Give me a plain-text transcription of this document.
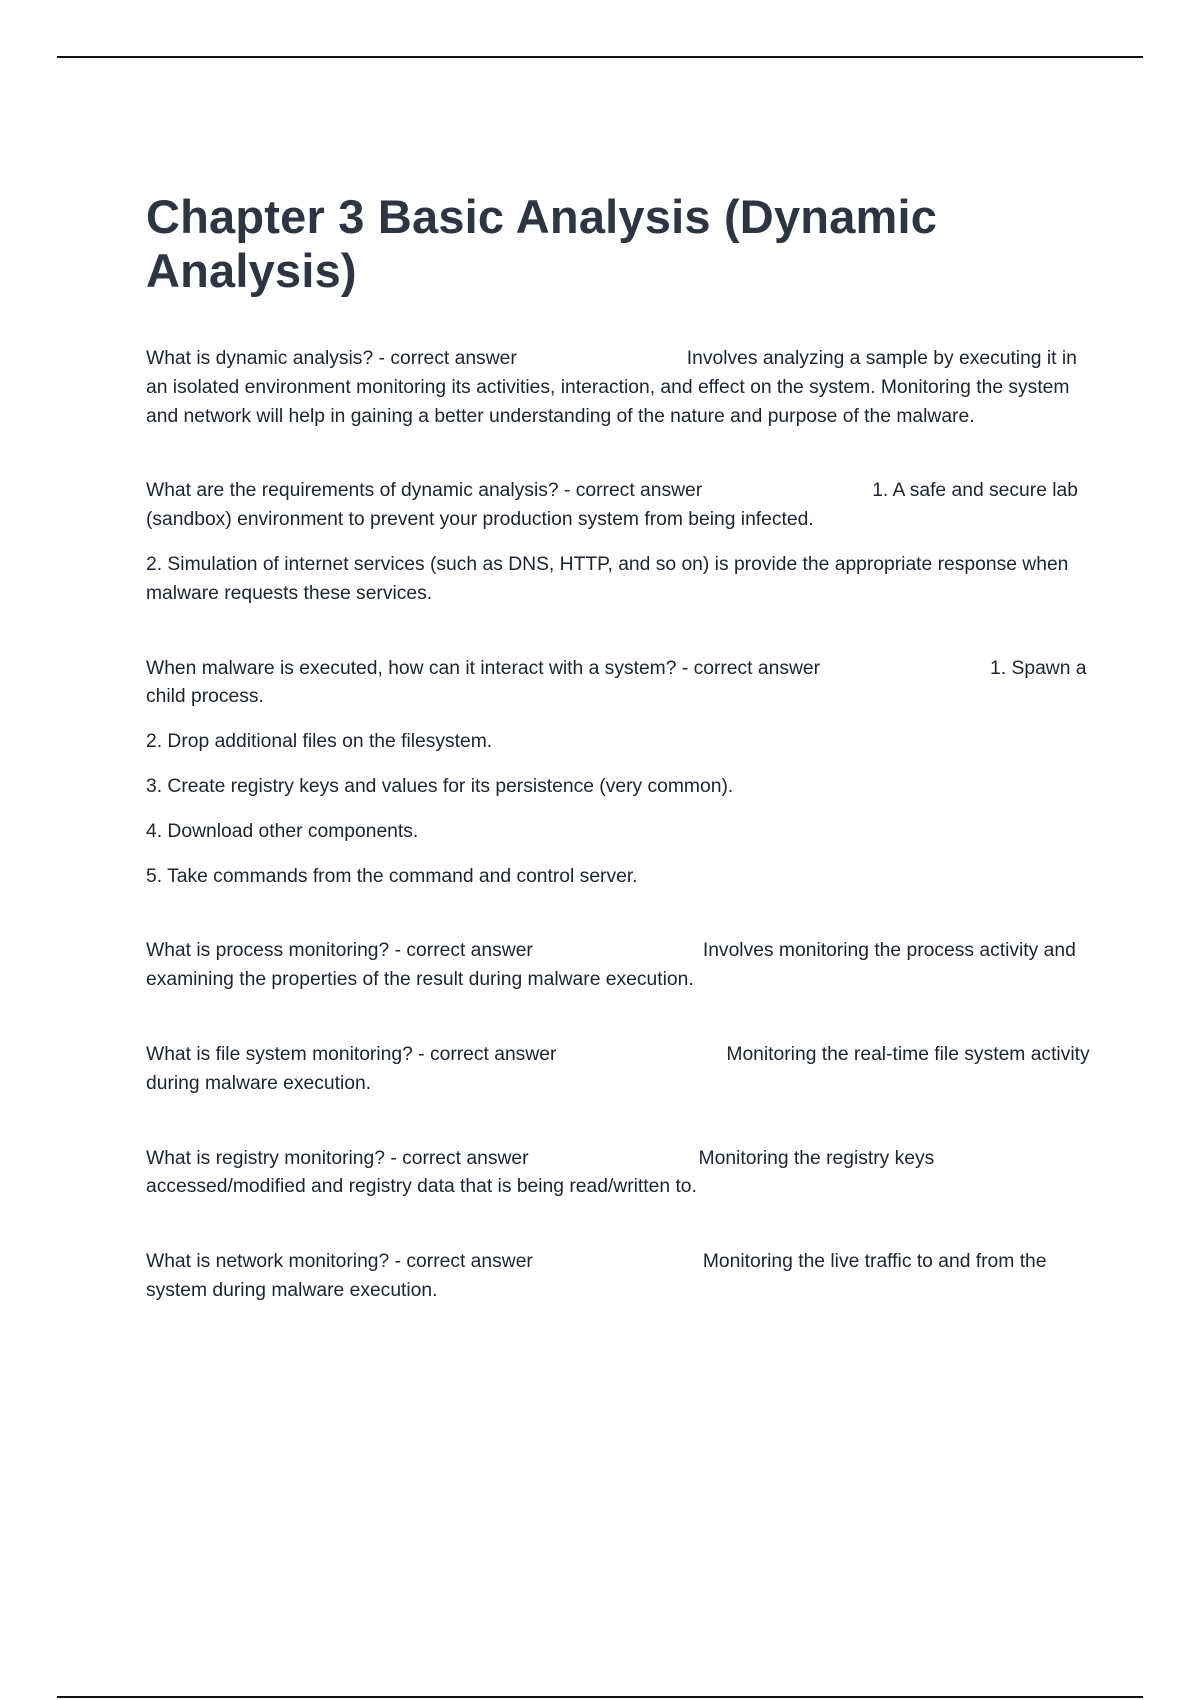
Chapter 3 Basic Analysis (Dynamic Analysis)

What is dynamic analysis? - correct answer	Involves analyzing a sample by executing it in an isolated environment monitoring its activities, interaction, and effect on the system. Monitoring the system and network will help in gaining a better understanding of the nature and purpose of the malware.

What are the requirements of dynamic analysis? - correct answer	1. A safe and secure lab (sandbox) environment to prevent your production system from being infected.

2. Simulation of internet services (such as DNS, HTTP, and so on) is provide the appropriate response when malware requests these services.

When malware is executed, how can it interact with a system? - correct answer	1. Spawn a child process.

2. Drop additional files on the filesystem.

3. Create registry keys and values for its persistence (very common).

4. Download other components.

5. Take commands from the command and control server.

What is process monitoring? - correct answer	Involves monitoring the process activity and examining the properties of the result during malware execution.

What is file system monitoring? - correct answer	Monitoring the real-time file system activity during malware execution.

What is registry monitoring? - correct answer	Monitoring the registry keys accessed/modified and registry data that is being read/written to.

What is network monitoring? - correct answer	Monitoring the live traffic to and from the system during malware execution.
